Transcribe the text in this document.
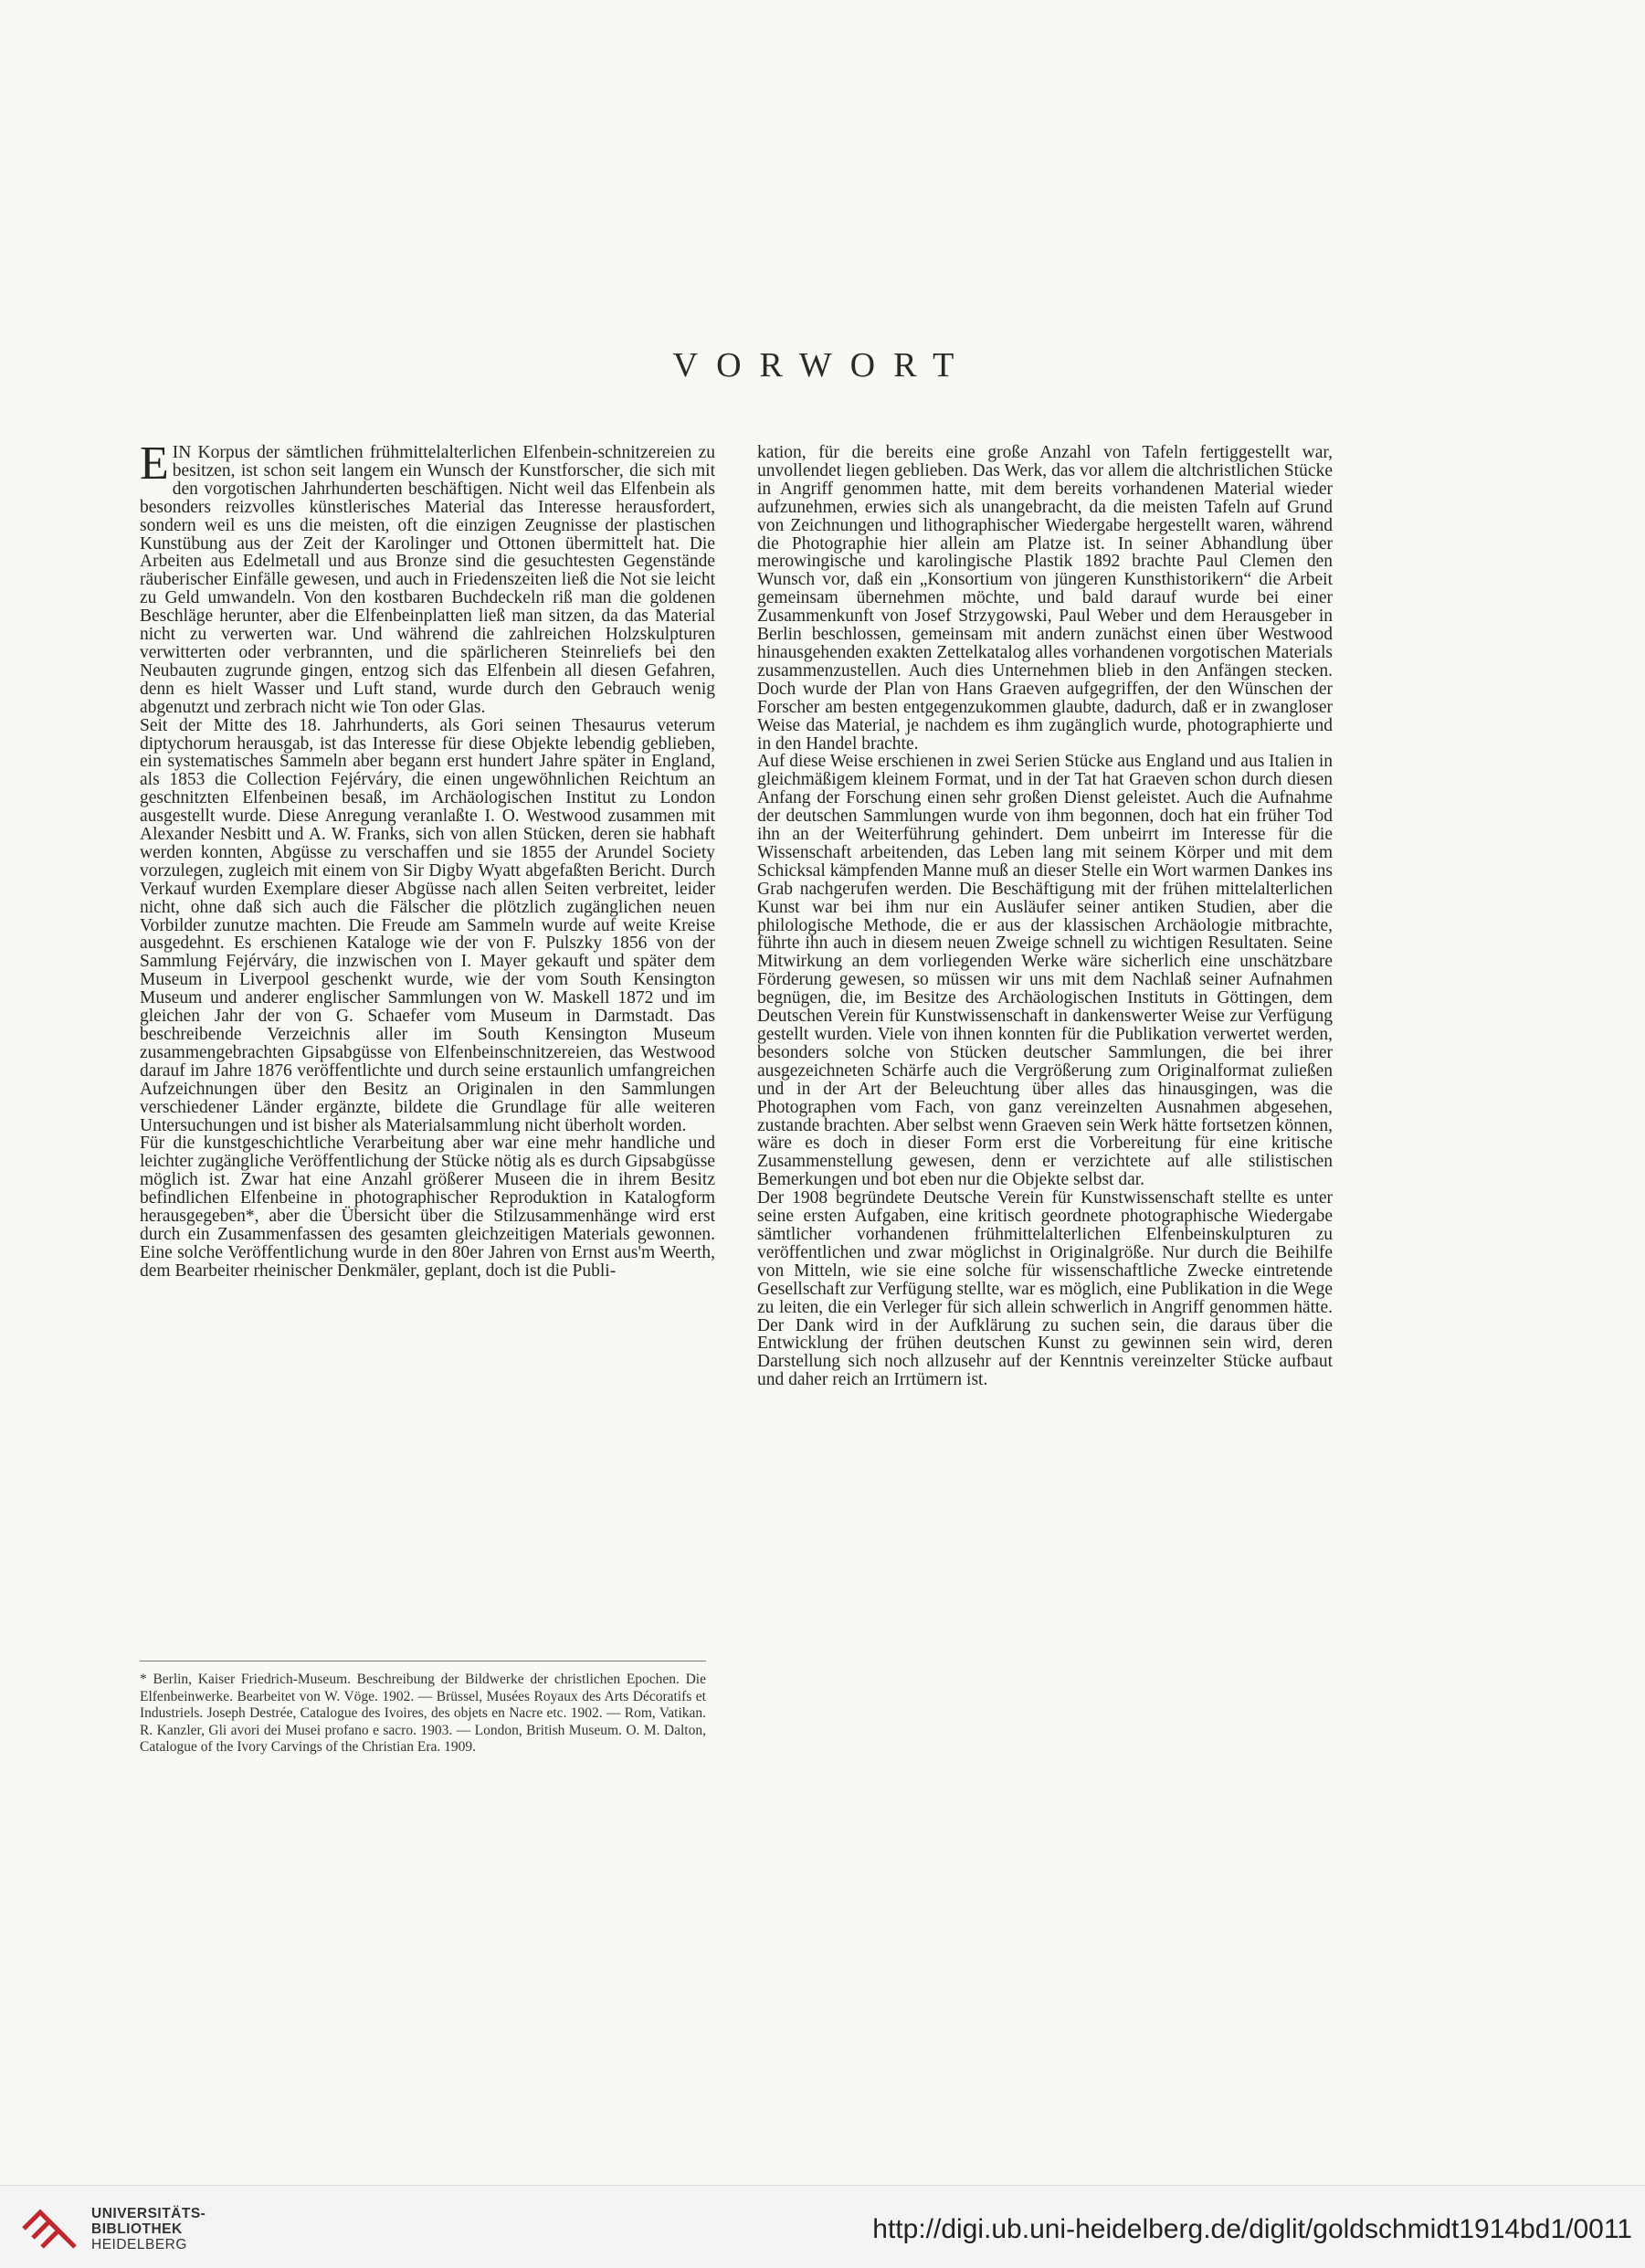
VORWORT

EIN Korpus der sämtlichen frühmittelalterlichen Elfenbein-schnitzereien zu besitzen, ist schon seit langem ein Wunsch der Kunstforscher, die sich mit den vorgotischen Jahrhunderten beschäftigen. Nicht weil das Elfenbein als besonders reizvolles künstlerisches Material das Interesse herausfordert, sondern weil es uns die meisten, oft die einzigen Zeugnisse der plastischen Kunstübung aus der Zeit der Karolinger und Ottonen übermittelt hat. Die Arbeiten aus Edelmetall und aus Bronze sind die gesuchtesten Gegenstände räuberischer Einfälle gewesen, und auch in Friedenszeiten ließ die Not sie leicht zu Geld umwandeln. Von den kostbaren Buchdeckeln riß man die goldenen Beschläge herunter, aber die Elfenbeinplatten ließ man sitzen, da das Material nicht zu verwerten war. Und während die zahlreichen Holzskulpturen verwitterten oder verbrannten, und die spärlicheren Steinreliefs bei den Neubauten zugrunde gingen, entzog sich das Elfenbein all diesen Gefahren, denn es hielt Wasser und Luft stand, wurde durch den Gebrauch wenig abgenutzt und zerbrach nicht wie Ton oder Glas.

Seit der Mitte des 18. Jahrhunderts, als Gori seinen Thesaurus veterum diptychorum herausgab, ist das Interesse für diese Objekte lebendig geblieben, ein systematisches Sammeln aber begann erst hundert Jahre später in England, als 1853 die Collection Fejérváry, die einen ungewöhnlichen Reichtum an geschnitzten Elfenbeinen besaß, im Archäologischen Institut zu London ausgestellt wurde. Diese Anregung veranlaßte I. O. Westwood zusammen mit Alexander Nesbitt und A. W. Franks, sich von allen Stücken, deren sie habhaft werden konnten, Abgüsse zu verschaffen und sie 1855 der Arundel Society vorzulegen, zugleich mit einem von Sir Digby Wyatt abgefaßten Bericht. Durch Verkauf wurden Exemplare dieser Abgüsse nach allen Seiten verbreitet, leider nicht, ohne daß sich auch die Fälscher die plötzlich zugänglichen neuen Vorbilder zunutze machten. Die Freude am Sammeln wurde auf weite Kreise ausgedehnt. Es erschienen Kataloge wie der von F. Pulszky 1856 von der Sammlung Fejérváry, die inzwischen von I. Mayer gekauft und später dem Museum in Liverpool geschenkt wurde, wie der vom South Kensington Museum und anderer englischer Sammlungen von W. Maskell 1872 und im gleichen Jahr der von G. Schaefer vom Museum in Darmstadt. Das beschreibende Verzeichnis aller im South Kensington Museum zusammengebrachten Gipsabgüsse von Elfenbeinschnitzereien, das Westwood darauf im Jahre 1876 veröffentlichte und durch seine erstaunlich umfangreichen Aufzeichnungen über den Besitz an Originalen in den Sammlungen verschiedener Länder ergänzte, bildete die Grundlage für alle weiteren Untersuchungen und ist bisher als Materialsammlung nicht überholt worden.

Für die kunstgeschichtliche Verarbeitung aber war eine mehr handliche und leichter zugängliche Veröffentlichung der Stücke nötig als es durch Gipsabgüsse möglich ist. Zwar hat eine Anzahl größerer Museen die in ihrem Besitz befindlichen Elfenbeine in photographischer Reproduktion in Katalogform herausgegeben*, aber die Übersicht über die Stilzusammenhänge wird erst durch ein Zusammenfassen des gesamten gleichzeitigen Materials gewonnen. Eine solche Veröffentlichung wurde in den 80er Jahren von Ernst aus'm Weerth, dem Bearbeiter rheinischer Denkmäler, geplant, doch ist die Publi-

* Berlin, Kaiser Friedrich-Museum. Beschreibung der Bildwerke der christlichen Epochen. Die Elfenbeinwerke. Bearbeitet von W. Vöge. 1902. — Brüssel, Musées Royaux des Arts Décoratifs et Industriels. Joseph Destrée, Catalogue des Ivoires, des objets en Nacre etc. 1902. — Rom, Vatikan. R. Kanzler, Gli avori dei Musei profano e sacro. 1903. — London, British Museum. O. M. Dalton, Catalogue of the Ivory Carvings of the Christian Era. 1909.

kation, für die bereits eine große Anzahl von Tafeln fertiggestellt war, unvollendet liegen geblieben. Das Werk, das vor allem die altchristlichen Stücke in Angriff genommen hatte, mit dem bereits vorhandenen Material wieder aufzunehmen, erwies sich als unangebracht, da die meisten Tafeln auf Grund von Zeichnungen und lithographischer Wiedergabe hergestellt waren, während die Photographie hier allein am Platze ist. In seiner Abhandlung über merowingische und karolingische Plastik 1892 brachte Paul Clemen den Wunsch vor, daß ein „Konsortium von jüngeren Kunsthistorikern“ die Arbeit gemeinsam übernehmen möchte, und bald darauf wurde bei einer Zusammenkunft von Josef Strzygowski, Paul Weber und dem Herausgeber in Berlin beschlossen, gemeinsam mit andern zunächst einen über Westwood hinausgehenden exakten Zettelkatalog alles vorhandenen vorgotischen Materials zusammenzustellen. Auch dies Unternehmen blieb in den Anfängen stecken. Doch wurde der Plan von Hans Graeven aufgegriffen, der den Wünschen der Forscher am besten entgegenzukommen glaubte, dadurch, daß er in zwangloser Weise das Material, je nachdem es ihm zugänglich wurde, photographierte und in den Handel brachte.

Auf diese Weise erschienen in zwei Serien Stücke aus England und aus Italien in gleichmäßigem kleinem Format, und in der Tat hat Graeven schon durch diesen Anfang der Forschung einen sehr großen Dienst geleistet. Auch die Aufnahme der deutschen Sammlungen wurde von ihm begonnen, doch hat ein früher Tod ihn an der Weiterführung gehindert. Dem unbeirrt im Interesse für die Wissenschaft arbeitenden, das Leben lang mit seinem Körper und mit dem Schicksal kämpfenden Manne muß an dieser Stelle ein Wort warmen Dankes ins Grab nachgerufen werden. Die Beschäftigung mit der frühen mittelalterlichen Kunst war bei ihm nur ein Ausläufer seiner antiken Studien, aber die philologische Methode, die er aus der klassischen Archäologie mitbrachte, führte ihn auch in diesem neuen Zweige schnell zu wichtigen Resultaten. Seine Mitwirkung an dem vorliegenden Werke wäre sicherlich eine unschätzbare Förderung gewesen, so müssen wir uns mit dem Nachlaß seiner Aufnahmen begnügen, die, im Besitze des Archäologischen Instituts in Göttingen, dem Deutschen Verein für Kunstwissenschaft in dankenswerter Weise zur Verfügung gestellt wurden. Viele von ihnen konnten für die Publikation verwertet werden, besonders solche von Stücken deutscher Sammlungen, die bei ihrer ausgezeichneten Schärfe auch die Vergrößerung zum Originalformat zuließen und in der Art der Beleuchtung über alles das hinausgingen, was die Photographen vom Fach, von ganz vereinzelten Ausnahmen abgesehen, zustande brachten. Aber selbst wenn Graeven sein Werk hätte fortsetzen können, wäre es doch in dieser Form erst die Vorbereitung für eine kritische Zusammenstellung gewesen, denn er verzichtete auf alle stilistischen Bemerkungen und bot eben nur die Objekte selbst dar.

Der 1908 begründete Deutsche Verein für Kunstwissenschaft stellte es unter seine ersten Aufgaben, eine kritisch geordnete photographische Wiedergabe sämtlicher vorhandenen frühmittelalterlichen Elfenbeinskulpturen zu veröffentlichen und zwar möglichst in Originalgröße. Nur durch die Beihilfe von Mitteln, wie sie eine solche für wissenschaftliche Zwecke eintretende Gesellschaft zur Verfügung stellte, war es möglich, eine Publikation in die Wege zu leiten, die ein Verleger für sich allein schwerlich in Angriff genommen hätte. Der Dank wird in der Aufklärung zu suchen sein, die daraus über die Entwicklung der frühen deutschen Kunst zu gewinnen sein wird, deren Darstellung sich noch allzusehr auf der Kenntnis vereinzelter Stücke aufbaut und daher reich an Irrtümern ist.

UNIVERSITÄTS-
BIBLIOTHEK
HEIDELBERG
http://digi.ub.uni-heidelberg.de/diglit/goldschmidt1914bd1/0011
